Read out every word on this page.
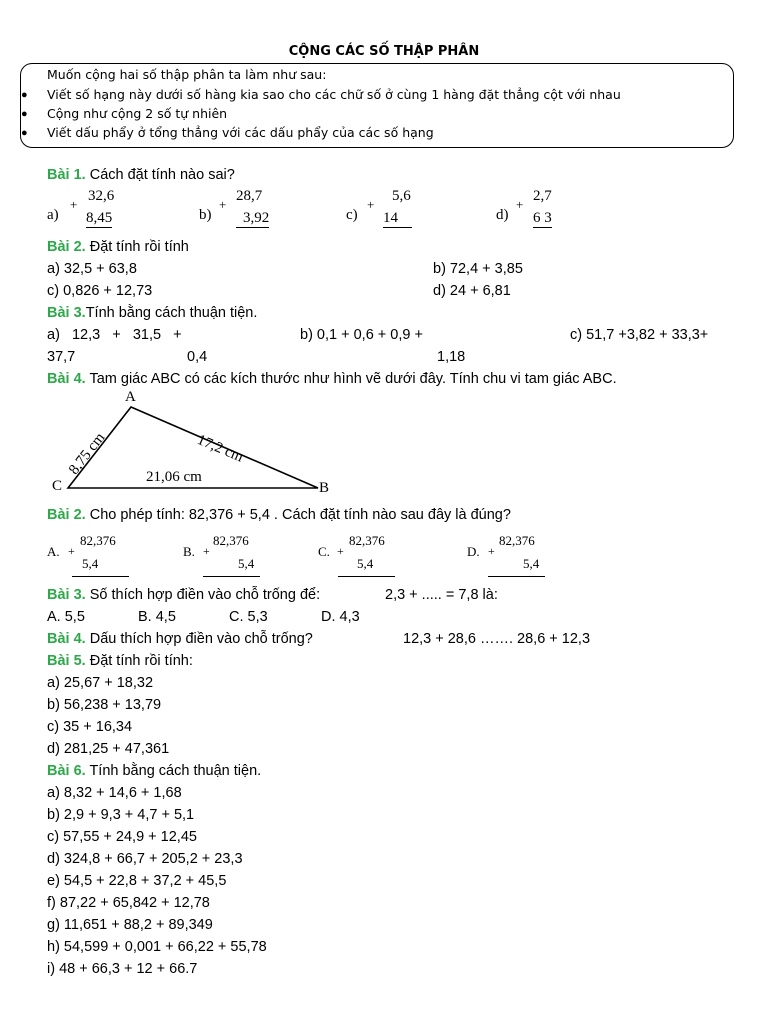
CỘNG CÁC SỐ THẬP PHÂN
Muốn cộng hai số thập phân ta làm như sau:
● Viết số hạng này dưới số hàng kia sao cho các chữ số ở cùng 1 hàng đặt thẳng cột với nhau
● Cộng như cộng 2 số tự nhiên
● Viết dấu phẩy ở tổng thẳng với các dấu phẩy của các số hạng
Bài 1. Cách đặt tính nào sai?
a)
+
32,6
8,45	b)
+
28,7
3,92	c)
+
5,6
14	d)
+
2,7
6 3
Bài 2. Đặt tính rồi tính
a) 32,5 + 63,8	b) 72,4 + 3,85
c) 0,826 + 12,73	d) 24 + 6,81
Bài 3.Tính bằng cách thuận tiện.
a)   12,3   +   31,5   +	b) 0,1 + 0,6 + 0,9 +	c) 51,7 +3,82 + 33,3+
37,7	0,4	1,18
Bài 4. Tam giác ABC có các kích thước như hình vẽ dưới đây. Tính chu vi tam giác ABC.
A
B
C
17,2 cm
8,75 cm	21,06 cm
Bài 2. Cho phép tính: 82,376 + 5,4 . Cách đặt tính nào sau đây là đúng?
A. +
82,376
5,4
B. +
82,376
5,4
C. +
82,376
5,4
D. +
82,376
5,4
Bài 3. Số thích hợp điền vào chỗ trống để:	2,3 + ..... = 7,8 là:
A. 5,5	B. 4,5	C. 5,3	D. 4,3
Bài 4. Dấu thích hợp điền vào chỗ trống?	12,3 + 28,6 ……. 28,6 + 12,3
Bài 5. Đặt tính rồi tính:
a) 25,67 + 18,32
b) 56,238 + 13,79
c) 35 + 16,34
d) 281,25 + 47,361
Bài 6. Tính bằng cách thuận tiện.
a) 8,32 + 14,6 + 1,68
b) 2,9 + 9,3 + 4,7 + 5,1
c) 57,55 + 24,9 + 12,45
d) 324,8 + 66,7 + 205,2 + 23,3
e) 54,5 + 22,8 + 37,2 + 45,5
f) 87,22 + 65,842 + 12,78
g) 11,651 + 88,2 + 89,349
h) 54,599 + 0,001 + 66,22 + 55,78
i) 48 + 66,3 + 12 + 66.7
